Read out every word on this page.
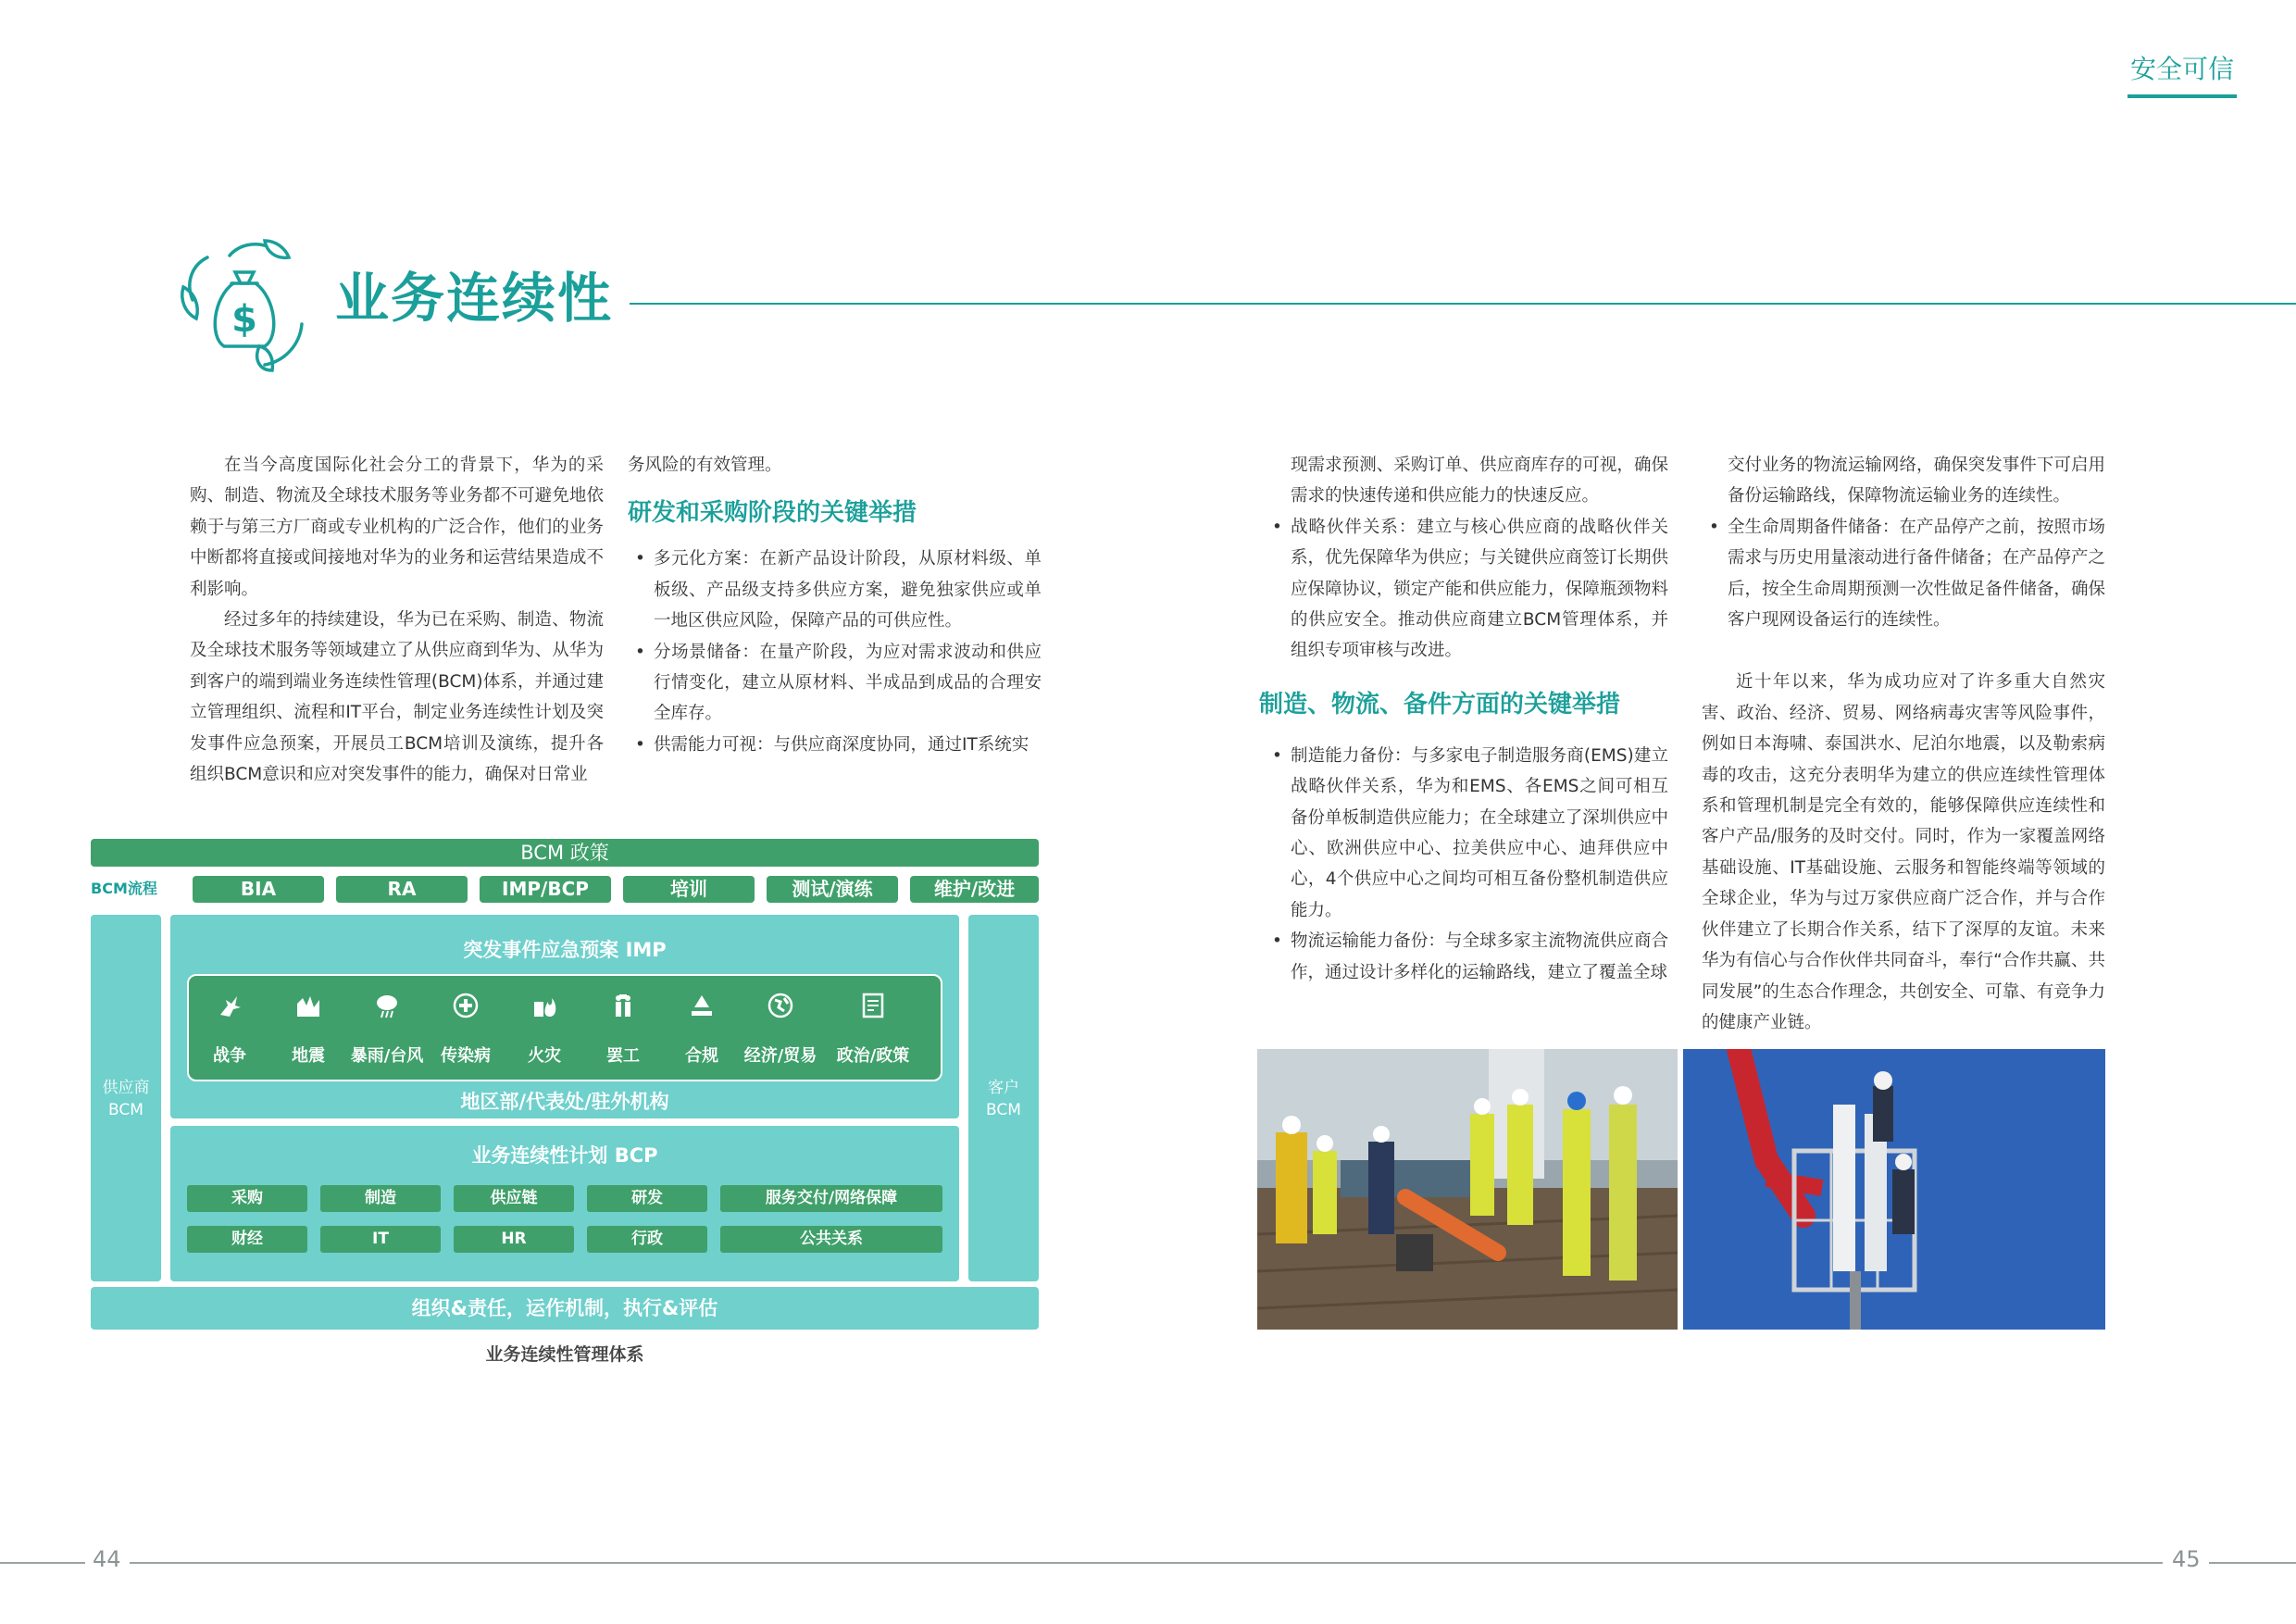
安全可信
$ 业务连续性

在当今高度国际化社会分工的背景下，华为的采购、制造、物流及全球技术服务等业务都不可避免地依赖于与第三方厂商或专业机构的广泛合作，他们的业务中断都将直接或间接地对华为的业务和运营结果造成不利影响。

经过多年的持续建设，华为已在采购、制造、物流及全球技术服务等领域建立了从供应商到华为、从华为到客户的端到端业务连续性管理(BCM)体系，并通过建立管理组织、流程和IT平台，制定业务连续性计划及突发事件应急预案，开展员工BCM培训及演练，提升各组织BCM意识和应对突发事件的能力，确保对日常业

务风险的有效管理。

研发和采购阶段的关键举措
• 多元化方案：在新产品设计阶段，从原材料级、单板级、产品级支持多供应方案，避免独家供应或单一地区供应风险，保障产品的可供应性。
• 分场景储备：在量产阶段，为应对需求波动和供应行情变化，建立从原材料、半成品到成品的合理安全库存。
• 供需能力可视：与供应商深度协同，通过IT系统实

现需求预测、采购订单、供应商库存的可视，确保需求的快速传递和供应能力的快速反应。

• 战略伙伴关系：建立与核心供应商的战略伙伴关系，优先保障华为供应；与关键供应商签订长期供应保障协议，锁定产能和供应能力，保障瓶颈物料的供应安全。推动供应商建立BCM管理体系，并组织专项审核与改进。
制造、物流、备件方面的关键举措
• 制造能力备份：与多家电子制造服务商(EMS)建立战略伙伴关系，华为和EMS、各EMS之间可相互备份单板制造供应能力；在全球建立了深圳供应中心、欧洲供应中心、拉美供应中心、迪拜供应中心，4个供应中心之间均可相互备份整机制造供应能力。
• 物流运输能力备份：与全球多家主流物流供应商合作，通过设计多样化的运输路线，建立了覆盖全球

交付业务的物流运输网络，确保突发事件下可启用备份运输路线，保障物流运输业务的连续性。

• 全生命周期备件储备：在产品停产之前，按照市场需求与历史用量滚动进行备件储备；在产品停产之后，按全生命周期预测一次性做足备件储备，确保客户现网设备运行的连续性。

近十年以来，华为成功应对了许多重大自然灾害、政治、经济、贸易、网络病毒灾害等风险事件，例如日本海啸、泰国洪水、尼泊尔地震，以及勒索病毒的攻击，这充分表明华为建立的供应连续性管理体系和管理机制是完全有效的，能够保障供应连续性和客户产品/服务的及时交付。同时，作为一家覆盖网络基础设施、IT基础设施、云服务和智能终端等领域的全球企业，华为与过万家供应商广泛合作，并与合作伙伴建立了长期合作关系，结下了深厚的友谊。未来华为有信心与合作伙伴共同奋斗，奉行“合作共赢、共同发展”的生态合作理念，共创安全、可靠、有竞争力的健康产业链。

BCM 政策
BCM流程	BIA	RA	IMP/BCP	培训	测试/演练	维护/改进
供应商
BCM
客户
BCM
突发事件应急预案 IMP
战争	地震	暴雨/台风	传染病	火灾	罢工	合规	经济/贸易	政治/政策
地区部/代表处/驻外机构
业务连续性计划 BCP
采购	制造	供应链	研发	服务交付/网络保障
财经	IT	HR	行政	公共关系
组织&责任，运作机制，执行&评估
业务连续性管理体系
44	45
